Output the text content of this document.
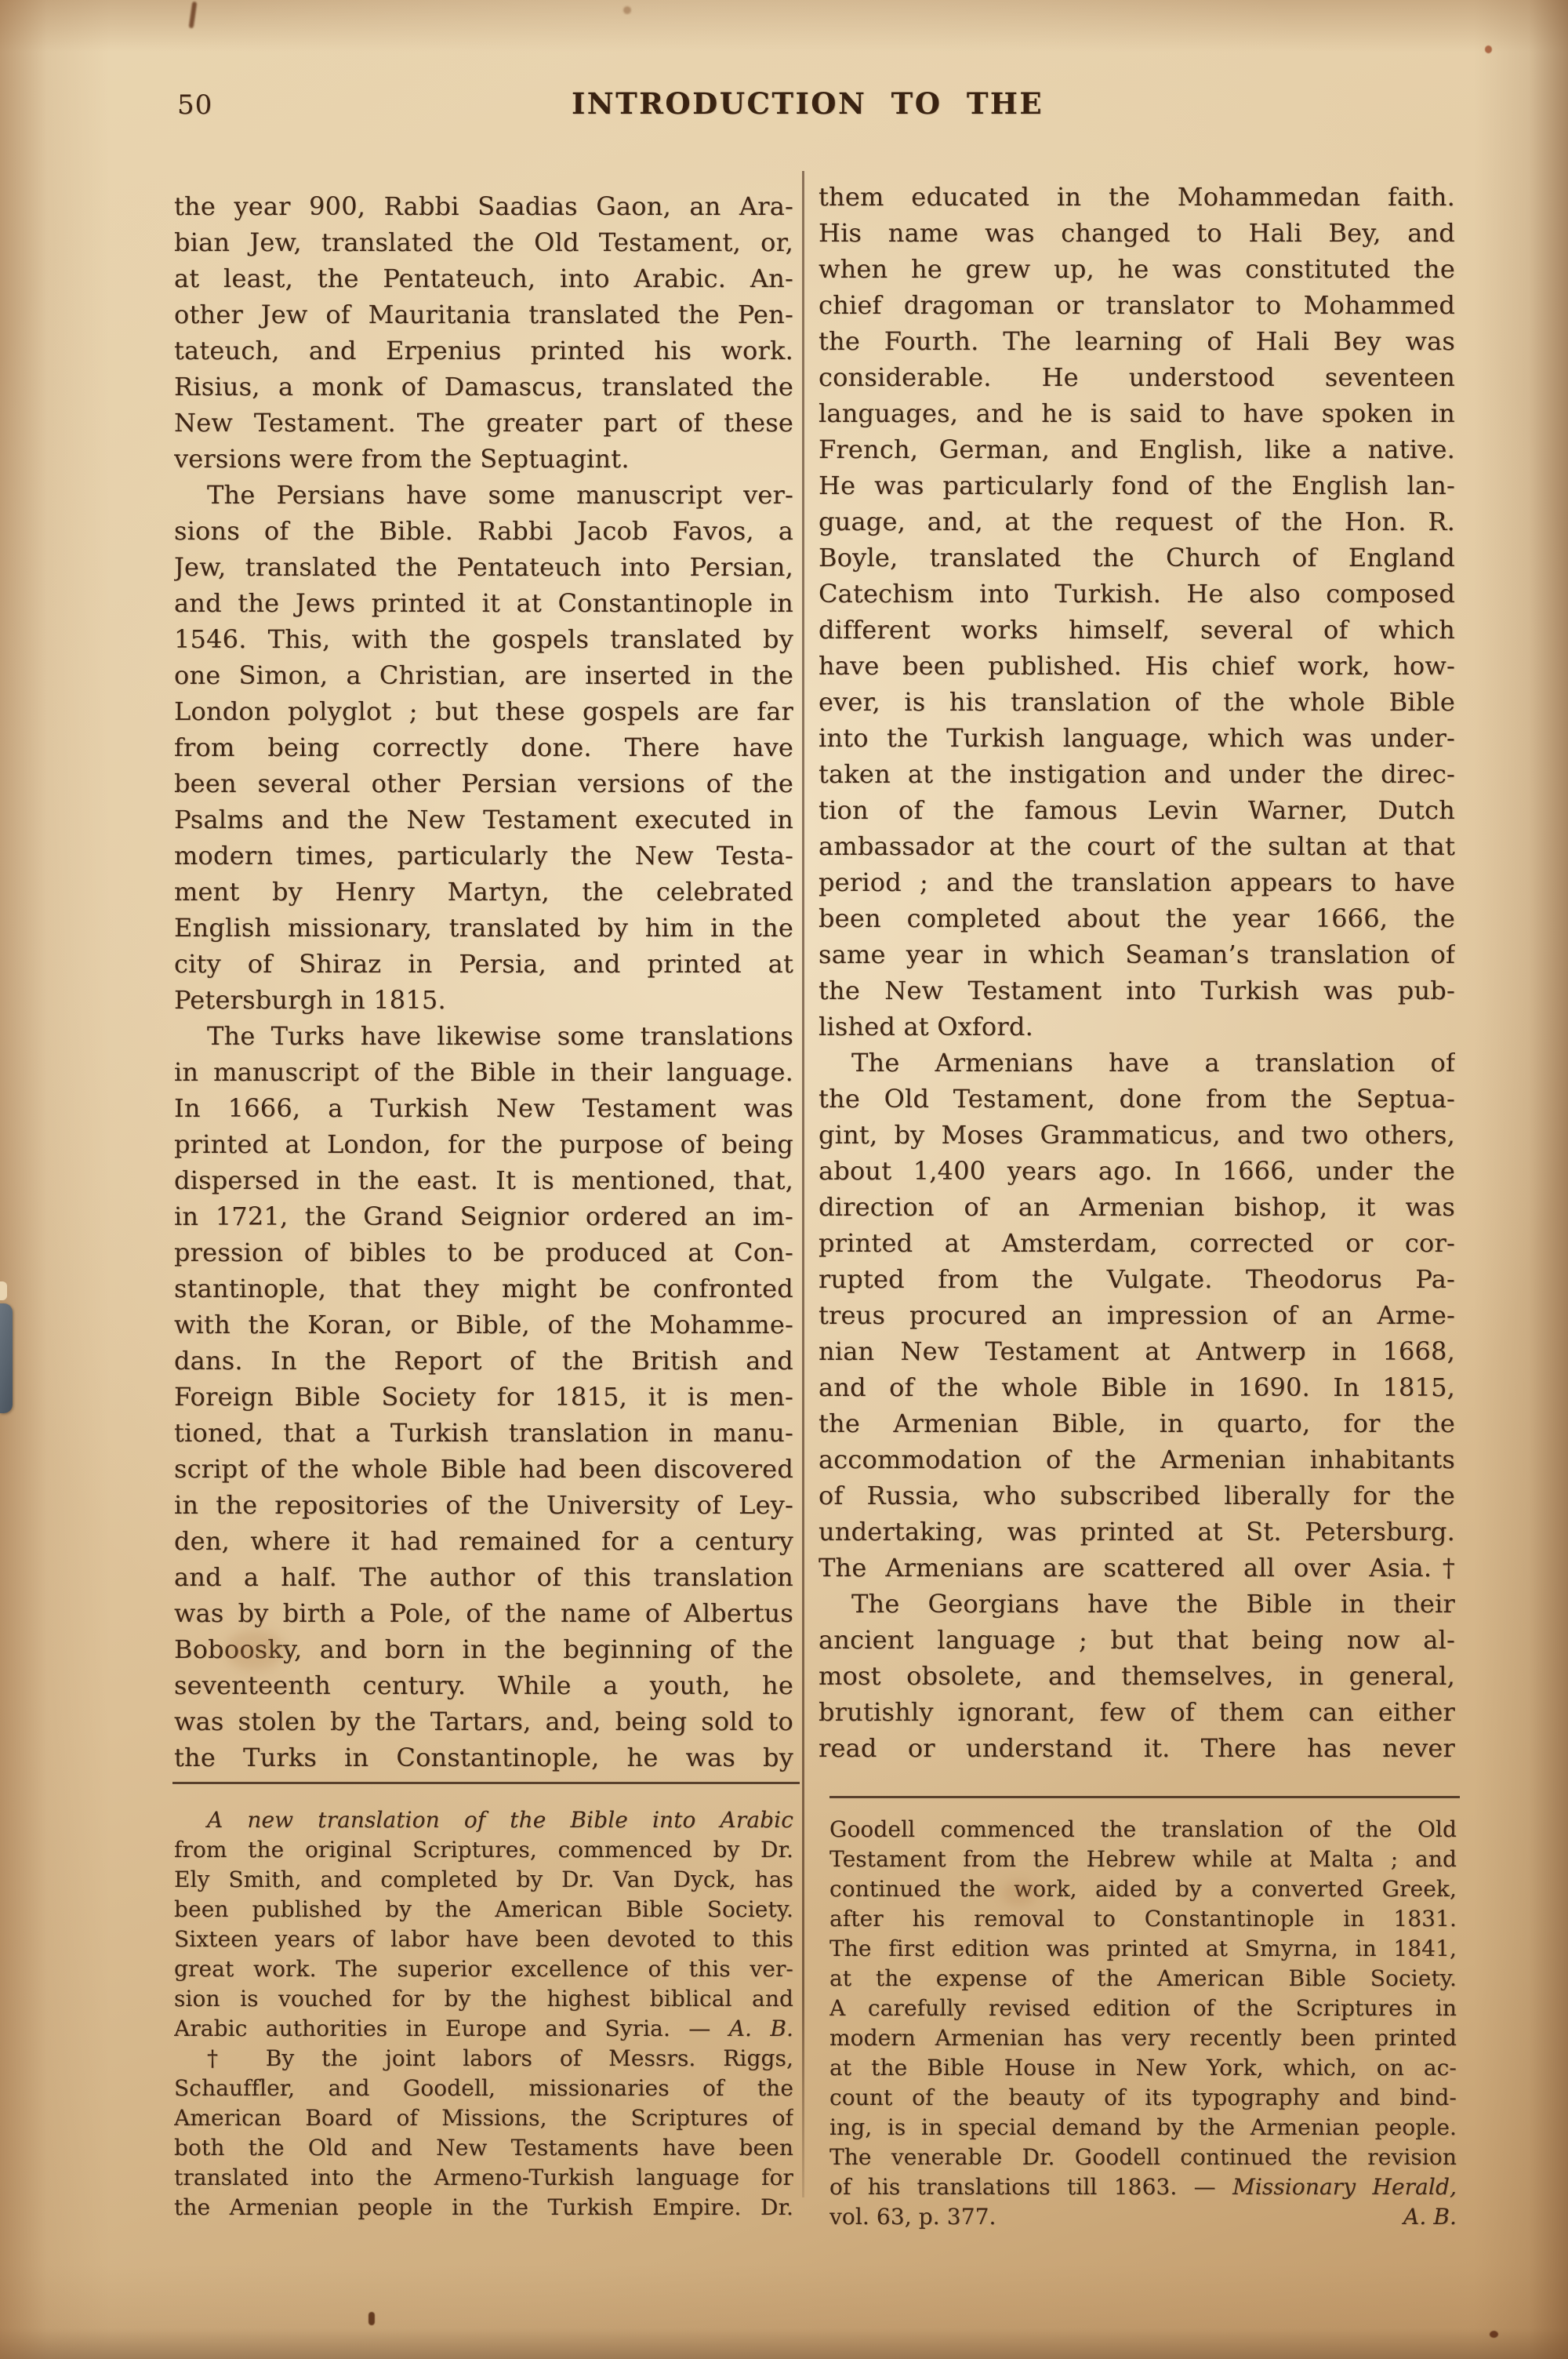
50	INTRODUCTION TO THE
the year 900, Rabbi Saadias Gaon, an Ara-
bian Jew, translated the Old Testament, or,
at least, the Pentateuch, into Arabic. An-
other Jew of Mauritania translated the Pen-
tateuch, and Erpenius printed his work.
Risius, a monk of Damascus, translated the
New Testament. The greater part of these
versions were from the Septuagint.
The Persians have some manuscript ver-
sions of the Bible. Rabbi Jacob Favos, a
Jew, translated the Pentateuch into Persian,
and the Jews printed it at Constantinople in
1546. This, with the gospels translated by
one Simon, a Christian, are inserted in the
London polyglot ; but these gospels are far
from being correctly done. There have
been several other Persian versions of the
Psalms and the New Testament executed in
modern times, particularly the New Testa-
ment by Henry Martyn, the celebrated
English missionary, translated by him in the
city of Shiraz in Persia, and printed at
Petersburgh in 1815.
The Turks have likewise some translations
in manuscript of the Bible in their language.
In 1666, a Turkish New Testament was
printed at London, for the purpose of being
dispersed in the east. It is mentioned, that,
in 1721, the Grand Seignior ordered an im-
pression of bibles to be produced at Con-
stantinople, that they might be confronted
with the Koran, or Bible, of the Mohamme-
dans. In the Report of the British and
Foreign Bible Society for 1815, it is men-
tioned, that a Turkish translation in manu-
script of the whole Bible had been discovered
in the repositories of the University of Ley-
den, where it had remained for a century
and a half. The author of this translation
was by birth a Pole, of the name of Albertus
Boboosky, and born in the beginning of the
seventeenth century. While a youth, he
was stolen by the Tartars, and, being sold to
the Turks in Constantinople, he was by
them educated in the Mohammedan faith.
His name was changed to Hali Bey, and
when he grew up, he was constituted the
chief dragoman or translator to Mohammed
the Fourth. The learning of Hali Bey was
considerable. He understood seventeen
languages, and he is said to have spoken in
French, German, and English, like a native.
He was particularly fond of the English lan-
guage, and, at the request of the Hon. R.
Boyle, translated the Church of England
Catechism into Turkish. He also composed
different works himself, several of which
have been published. His chief work, how-
ever, is his translation of the whole Bible
into the Turkish language, which was under-
taken at the instigation and under the direc-
tion of the famous Levin Warner, Dutch
ambassador at the court of the sultan at that
period ; and the translation appears to have
been completed about the year 1666, the
same year in which Seaman’s translation of
the New Testament into Turkish was pub-
lished at Oxford.
The Armenians have a translation of
the Old Testament, done from the Septua-
gint, by Moses Grammaticus, and two others,
about 1,400 years ago. In 1666, under the
direction of an Armenian bishop, it was
printed at Amsterdam, corrected or cor-
rupted from the Vulgate. Theodorus Pa-
treus procured an impression of an Arme-
nian New Testament at Antwerp in 1668,
and of the whole Bible in 1690. In 1815,
the Armenian Bible, in quarto, for the
accommodation of the Armenian inhabitants
of Russia, who subscribed liberally for the
undertaking, was printed at St. Petersburg.
The Armenians are scattered all over Asia.†
The Georgians have the Bible in their
ancient language ; but that being now al-
most obsolete, and themselves, in general,
brutishly ignorant, few of them can either
read or understand it. There has never
A new translation of the Bible into Arabic
from the original Scriptures, commenced by Dr.
Ely Smith, and completed by Dr. Van Dyck, has
been published by the American Bible Society.
Sixteen years of labor have been devoted to this
great work. The superior excellence of this ver-
sion is vouched for by the highest biblical and
Arabic authorities in Europe and Syria. — A. B.
† By the joint labors of Messrs. Riggs,
Schauffler, and Goodell, missionaries of the
American Board of Missions, the Scriptures of
both the Old and New Testaments have been
translated into the Armeno-Turkish language for
the Armenian people in the Turkish Empire. Dr.
Goodell commenced the translation of the Old
Testament from the Hebrew while at Malta ; and
continued the work, aided by a converted Greek,
after his removal to Constantinople in 1831.
The first edition was printed at Smyrna, in 1841,
at the expense of the American Bible Society.
A carefully revised edition of the Scriptures in
modern Armenian has very recently been printed
at the Bible House in New York, which, on ac-
count of the beauty of its typography and bind-
ing, is in special demand by the Armenian people.
The venerable Dr. Goodell continued the revision
of his translations till 1863. — Missionary Herald,
vol. 63, p. 377.	A. B.
